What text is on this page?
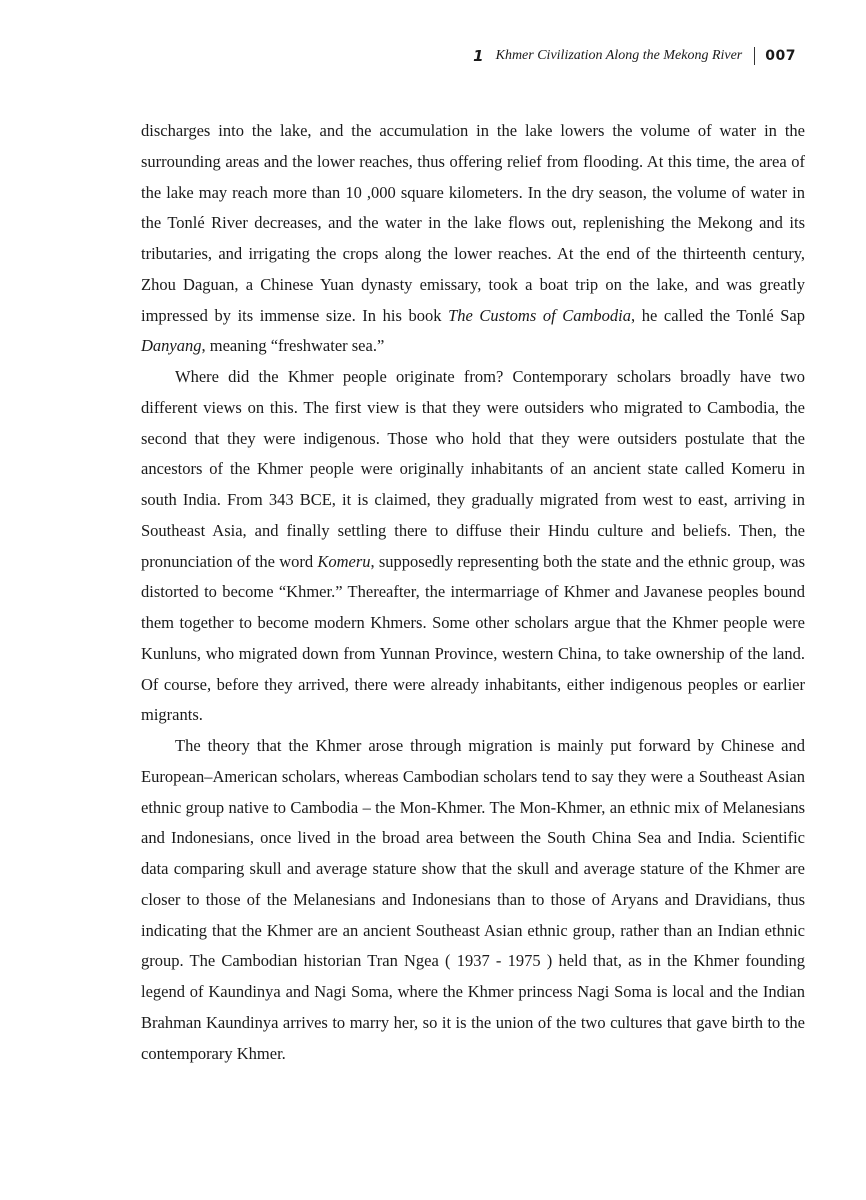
1 Khmer Civilization Along the Mekong River 007

discharges into the lake, and the accumulation in the lake lowers the volume of water in the surrounding areas and the lower reaches, thus offering relief from flooding. At this time, the area of the lake may reach more than 10 ,000 square kilometers. In the dry season, the volume of water in the Tonlé River decreases, and the water in the lake flows out, replenishing the Mekong and its tributaries, and irrigating the crops along the lower reaches. At the end of the thirteenth century, Zhou Daguan, a Chinese Yuan dynasty emissary, took a boat trip on the lake, and was greatly impressed by its immense size. In his book The Customs of Cambodia, he called the Tonlé Sap Danyang, meaning “freshwater sea.”

Where did the Khmer people originate from? Contemporary scholars broadly have two different views on this. The first view is that they were outsiders who migrated to Cambodia, the second that they were indigenous. Those who hold that they were outsiders postulate that the ancestors of the Khmer people were originally inhabitants of an ancient state called Komeru in south India. From 343 BCE, it is claimed, they gradually migrated from west to east, arriving in Southeast Asia, and finally settling there to diffuse their Hindu culture and beliefs. Then, the pronunciation of the word Komeru, supposedly representing both the state and the ethnic group, was distorted to become “Khmer.” Thereafter, the intermarriage of Khmer and Javanese peoples bound them together to become modern Khmers. Some other scholars argue that the Khmer people were Kunluns, who migrated down from Yunnan Province, western China, to take ownership of the land. Of course, before they arrived, there were already inhabitants, either indigenous peoples or earlier migrants.

The theory that the Khmer arose through migration is mainly put forward by Chinese and European–American scholars, whereas Cambodian scholars tend to say they were a Southeast Asian ethnic group native to Cambodia – the Mon-Khmer. The Mon-Khmer, an ethnic mix of Melanesians and Indonesians, once lived in the broad area between the South China Sea and India. Scientific data comparing skull and average stature show that the skull and average stature of the Khmer are closer to those of the Melanesians and Indonesians than to those of Aryans and Dravidians, thus indicating that the Khmer are an ancient Southeast Asian ethnic group, rather than an Indian ethnic group. The Cambodian historian Tran Ngea ( 1937 - 1975 ) held that, as in the Khmer founding legend of Kaundinya and Nagi Soma, where the Khmer princess Nagi Soma is local and the Indian Brahman Kaundinya arrives to marry her, so it is the union of the two cultures that gave birth to the contemporary Khmer.
